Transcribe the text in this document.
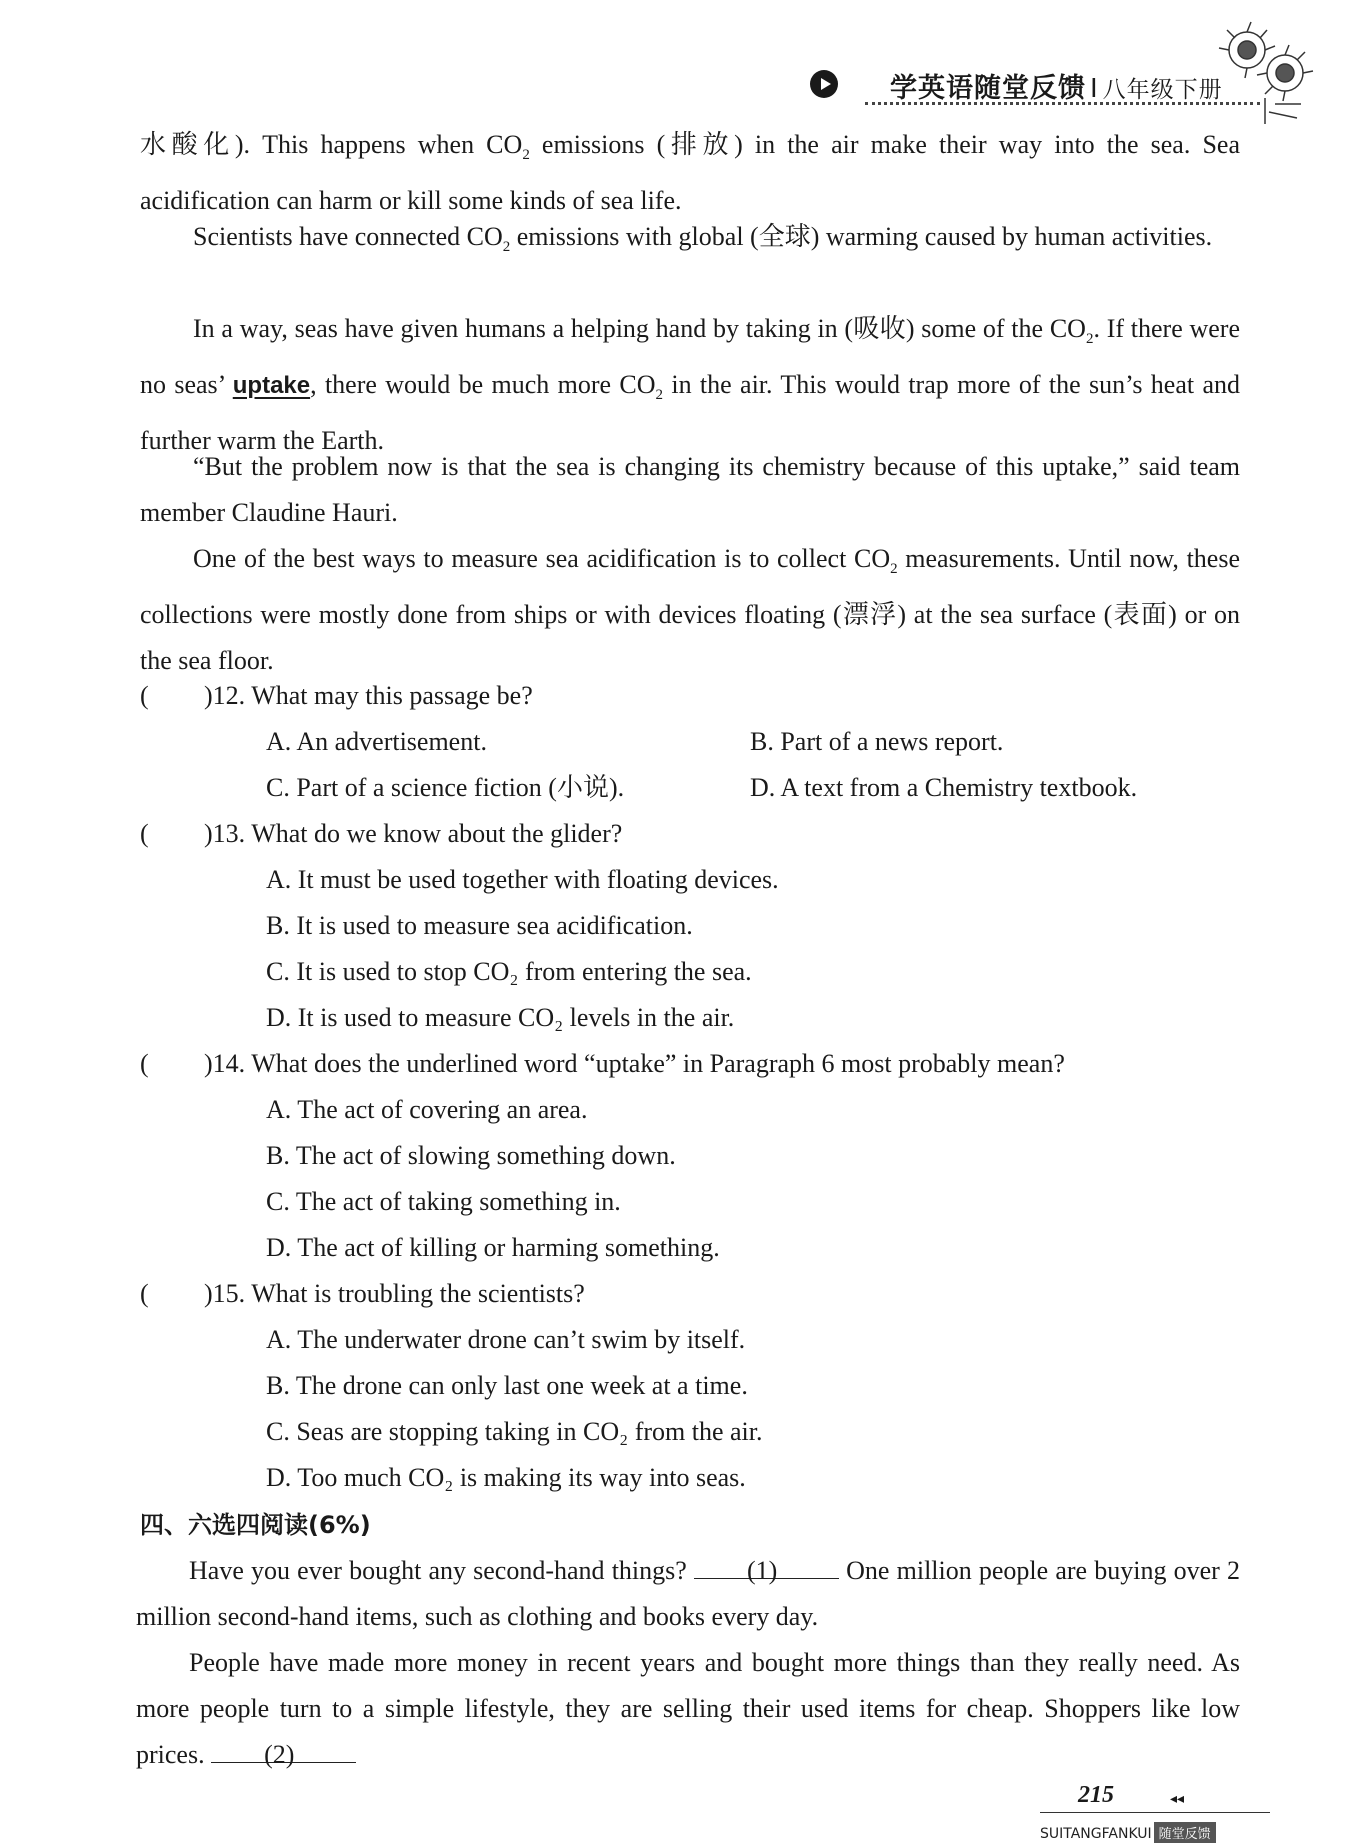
学英语随堂反馈 I 八年级下册
水酸化). This happens when $CO_2$ emissions (排放) in the air make their way into the sea. Sea acidification can harm or kill some kinds of sea life.
Scientists have connected $CO_2$ emissions with global (全球) warming caused by human activities.
In a way, seas have given humans a helping hand by taking in (吸收) some of the $CO_2$. If there were no seas’ uptake, there would be much more $CO_2$ in the air. This would trap more of the sun’s heat and further warm the Earth.
“But the problem now is that the sea is changing its chemistry because of this uptake,” said team member Claudine Hauri.
One of the best ways to measure sea acidification is to collect $CO_2$ measurements. Until now, these collections were mostly done from ships or with devices floating (漂浮) at the sea surface (表面) or on the sea floor.
( )12. What may this passage be?
A. An advertisement.	B. Part of a news report.
C. Part of a science fiction (小说).	D. A text from a Chemistry textbook.
( )13. What do we know about the glider?
A. It must be used together with floating devices.
B. It is used to measure sea acidification.
C. It is used to stop CO₂ from entering the sea.
D. It is used to measure CO₂ levels in the air.
( )14. What does the underlined word “uptake” in Paragraph 6 most probably mean?
A. The act of covering an area.
B. The act of slowing something down.
C. The act of taking something in.
D. The act of killing or harming something.
( )15. What is troubling the scientists?
A. The underwater drone can’t swim by itself.
B. The drone can only last one week at a time.
C. Seas are stopping taking in CO₂ from the air.
D. Too much CO₂ is making its way into seas.
四、六选四阅读(6%)
Have you ever bought any second-hand things? (1) One million people are buying over 2 million second-hand items, such as clothing and books every day.
People have made more money in recent years and bought more things than they really need. As more people turn to a simple lifestyle, they are selling their used items for cheap. Shoppers like low prices. (2)
215	◂◂
SUITANGFANKUI 随堂反馈
